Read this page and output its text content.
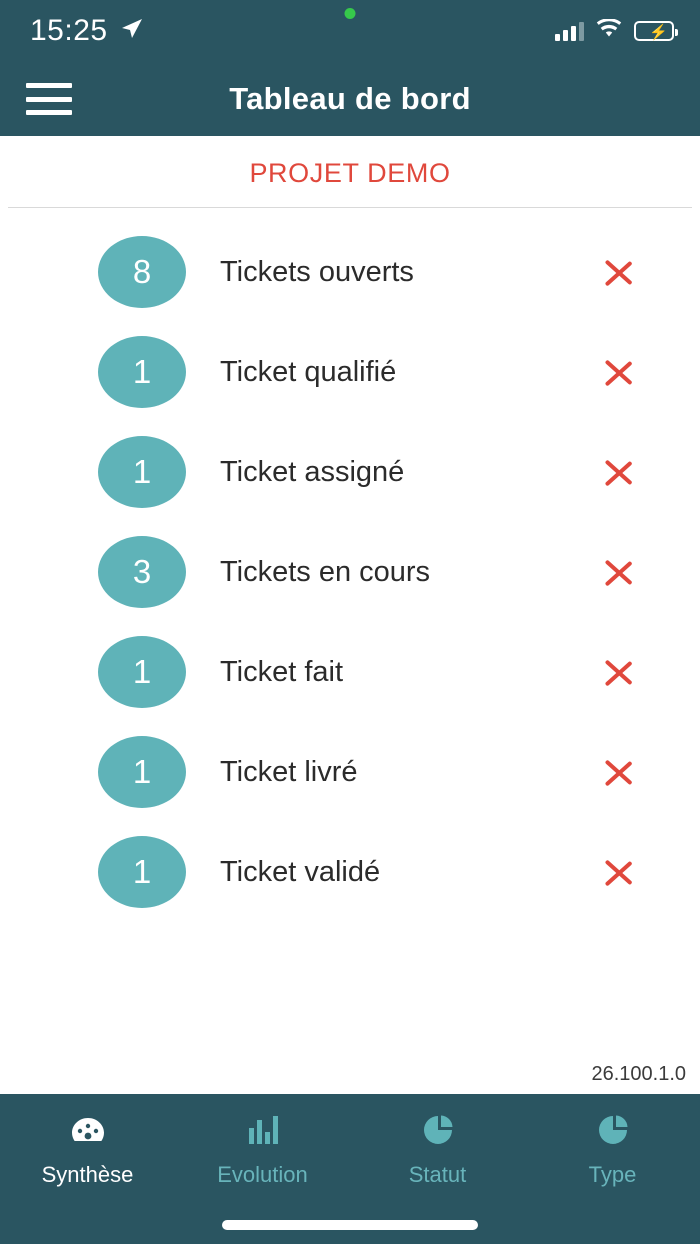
15:25	⚡
Tableau de bord
PROJET DEMO
8	Tickets ouverts
1	Ticket qualifié
1	Ticket assigné
3	Tickets en cours
1	Ticket fait
1	Ticket livré
1	Ticket validé
26.100.1.0
Synthèse	Evolution	Statut	Type
